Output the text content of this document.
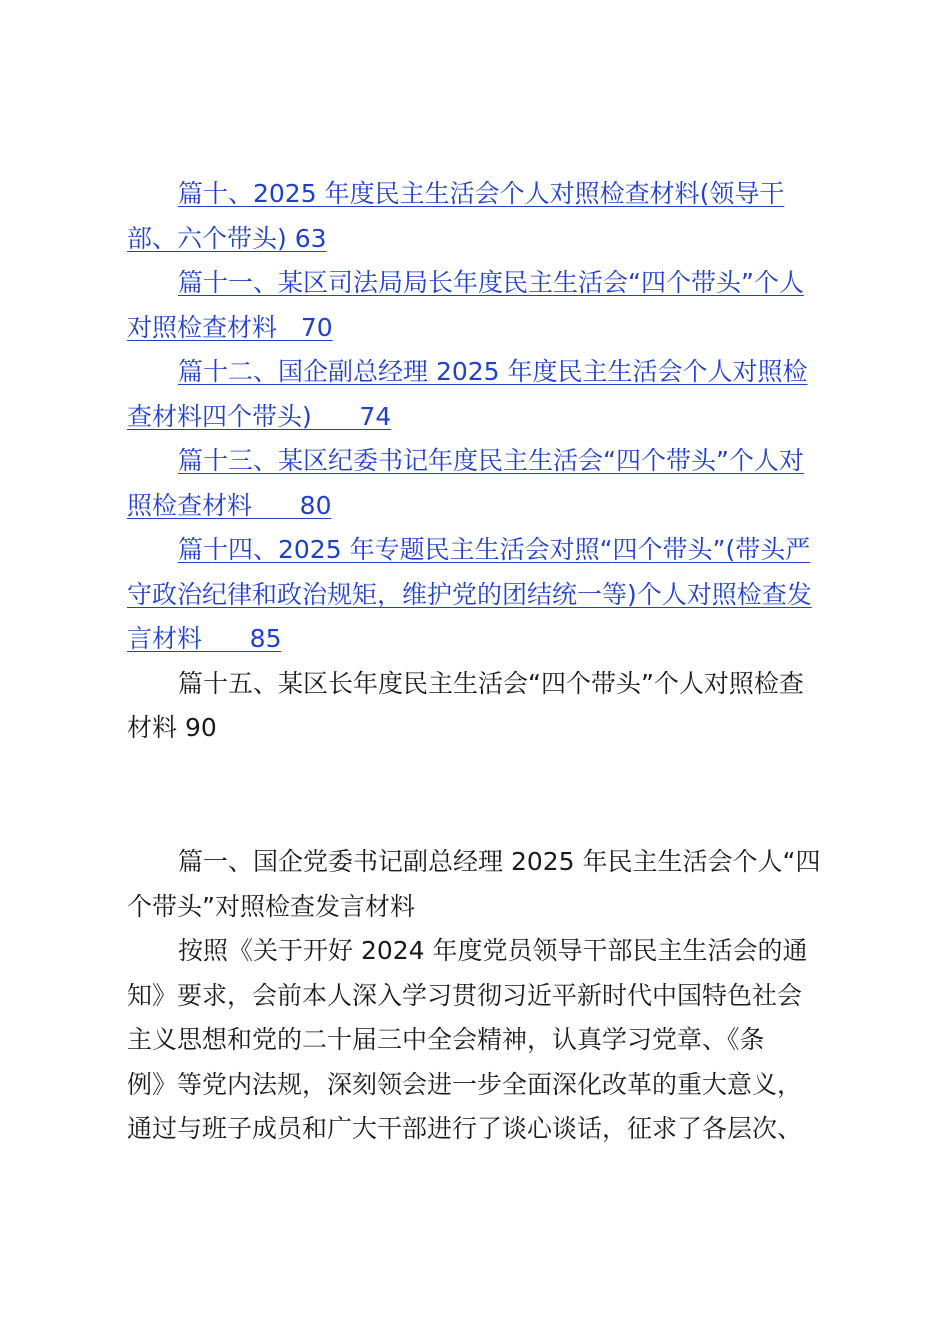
篇十、2025 年度民主生活会个人对照检查材料(领导干
部、六个带头) 63
篇十一、某区司法局局长年度民主生活会“四个带头”个人
对照检查材料   70
篇十二、国企副总经理 2025 年度民主生活会个人对照检
查材料四个带头)      74
篇十三、某区纪委书记年度民主生活会“四个带头”个人对
照检查材料      80
篇十四、2025 年专题民主生活会对照“四个带头”(带头严
守政治纪律和政治规矩，维护党的团结统一等)个人对照检查发
言材料      85
篇十五、某区长年度民主生活会“四个带头”个人对照检查
材料 90
篇一、国企党委书记副总经理 2025 年民主生活会个人“四
个带头”对照检查发言材料
按照《关于开好 2024 年度党员领导干部民主生活会的通
知》要求，会前本人深入学习贯彻习近平新时代中国特色社会
主义思想和党的二十届三中全会精神，认真学习党章、《条
例》等党内法规，深刻领会进一步全面深化改革的重大意义，
通过与班子成员和广大干部进行了谈心谈话，征求了各层次、
